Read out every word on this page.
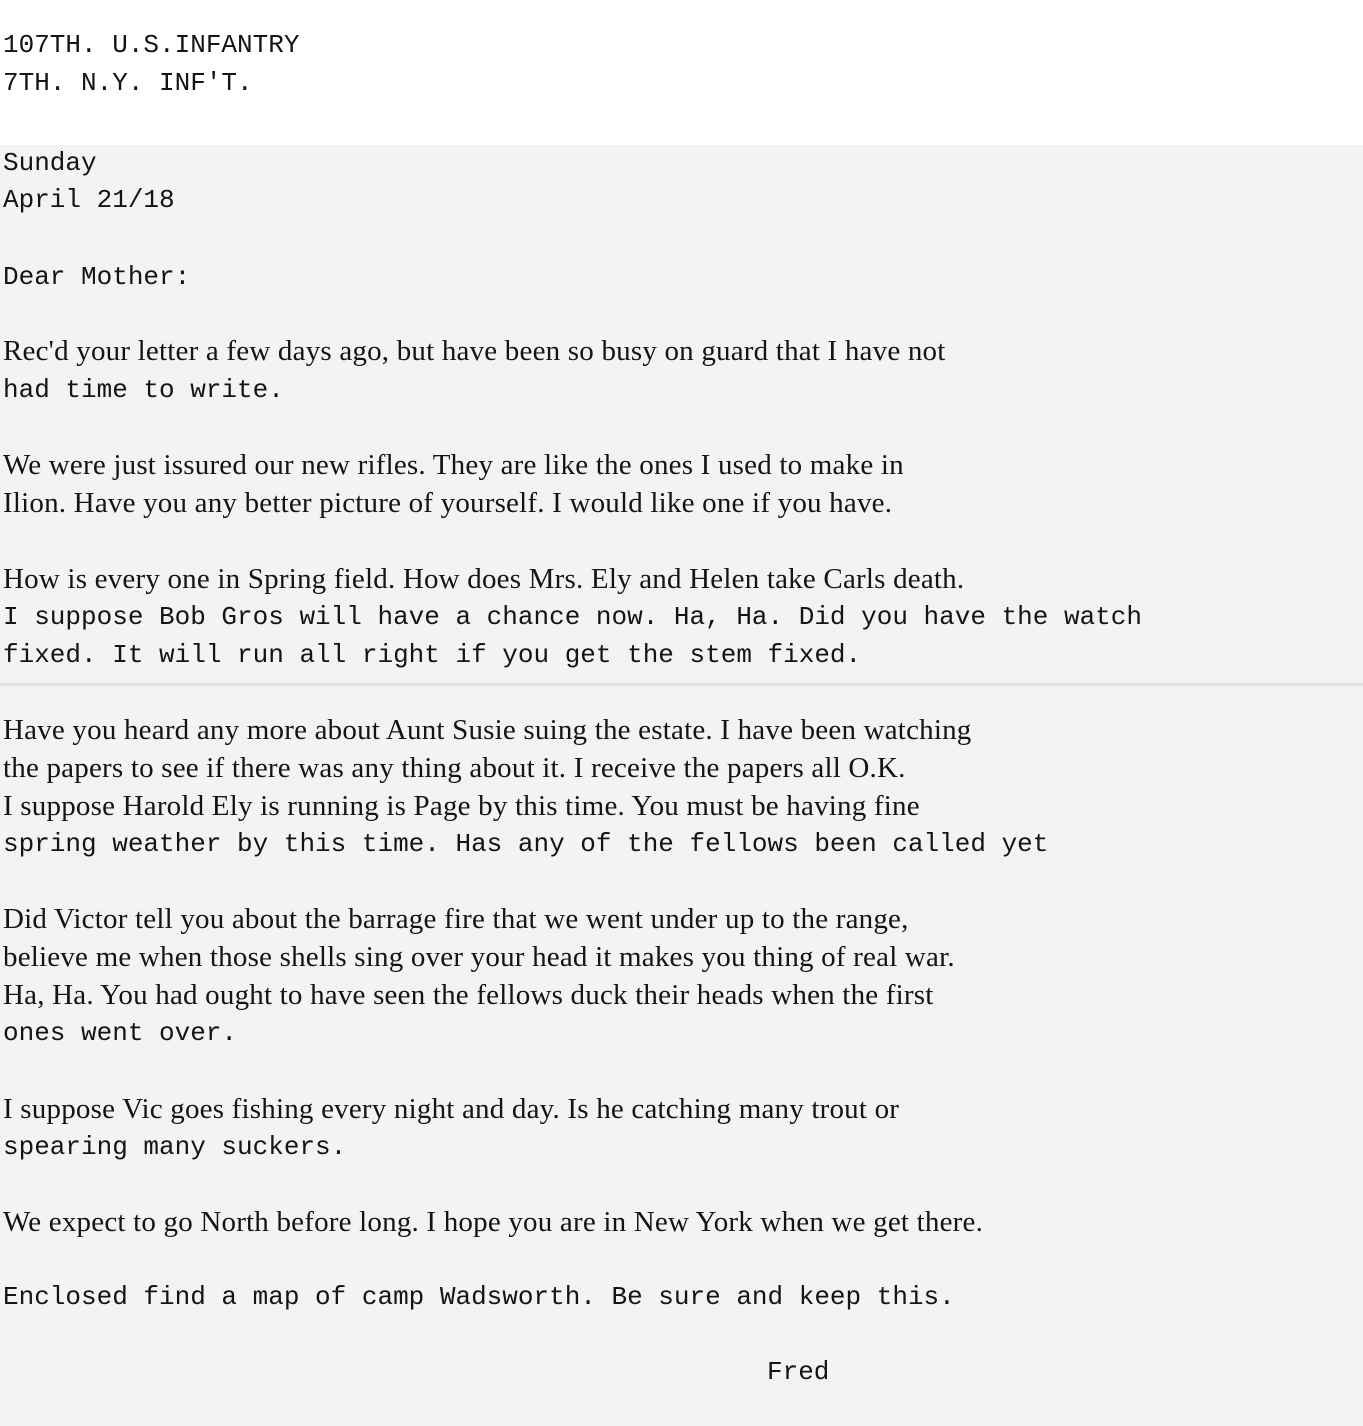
107TH. U.S.INFANTRY
7TH. N.Y. INF'T.
Sunday
April 21/18
Dear Mother:
Rec'd your letter a few days ago, but have been so busy on guard that I have not
had time to write.
We were just issured our new rifles. They are like the ones I used to make in
Ilion. Have you any better picture of yourself. I would like one if you have.
How is every one in Spring field. How does Mrs. Ely and Helen take Carls death.
I suppose Bob Gros will have a chance now. Ha, Ha. Did you have the watch
fixed. It will run all right if you get the stem fixed.
Have you heard any more about Aunt Susie suing the estate. I have been watching
the papers to see if there was any thing about it. I receive the papers all O.K.
I suppose Harold Ely is running is Page by this time. You must be having fine
spring weather by this time. Has any of the fellows been called yet
Did Victor tell you about the barrage fire that we went under up to the range,
believe me when those shells sing over your head it makes you thing of real war.
Ha, Ha. You had ought to have seen the fellows duck their heads when the first
ones went over.
I suppose Vic goes fishing every night and day. Is he catching many trout or
spearing many suckers.
We expect to go North before long. I hope you are in New York when we get there.
Enclosed find a map of camp Wadsworth. Be sure and keep this.
Fred
